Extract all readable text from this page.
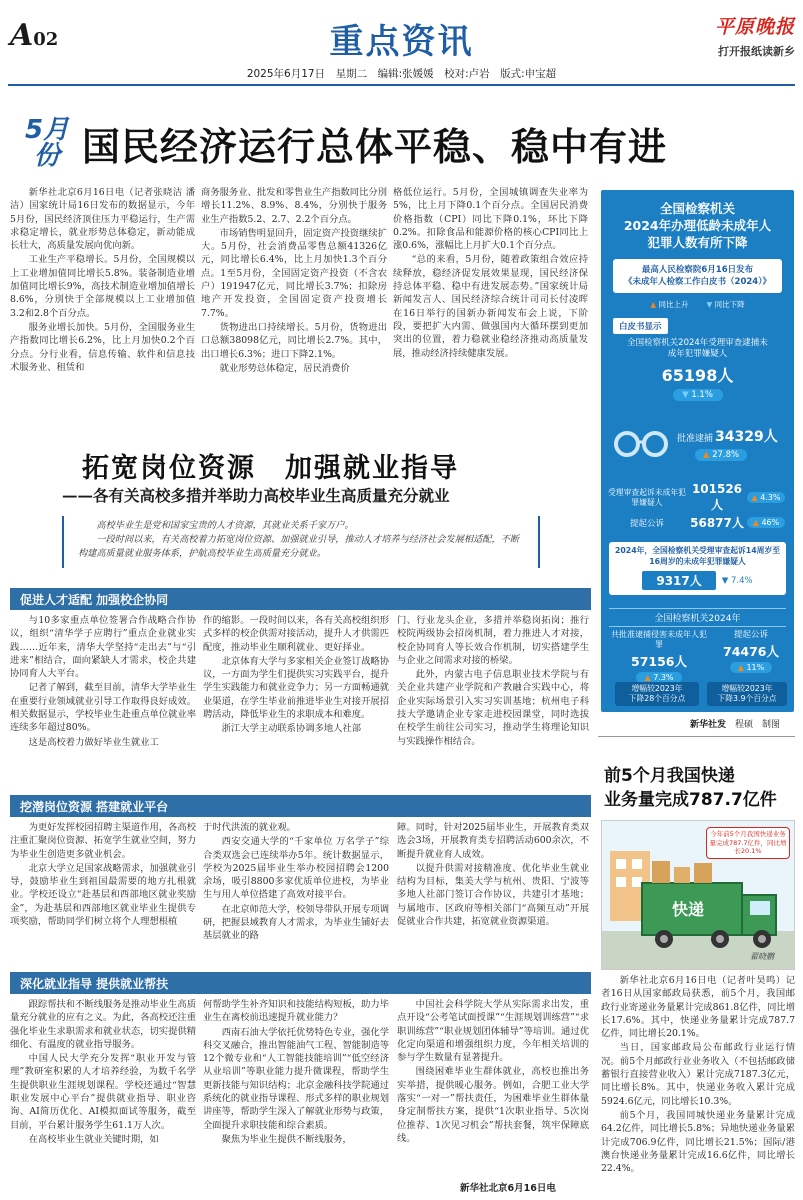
A02	重点资讯
2025年6月17日　星期二　编辑:张媛媛　校对:卢岩　版式:申宝超
平原晚报
打开报纸读新乡
5月份 国民经济运行总体平稳、稳中有进

新华社北京6月16日电（记者张晓洁 潘洁）国家统计局16日发布的数据显示，今年5月份，国民经济顶住压力平稳运行，生产需求稳定增长，就业形势总体稳定，新动能成长壮大，高质量发展向优向新。

工业生产平稳增长。5月份，全国规模以上工业增加值同比增长5.8%。装备制造业增加值同比增长9%，高技术制造业增加值增长8.6%，分別快于全部规模以上工业增加值3.2和2.8个百分点。

服务业增长加快。5月份，全国服务业生产指数同比增长6.2%，比上月加快0.2个百分点。分行业看，信息传输、软件和信息技术服务业、租赁和

商务服务业、批发和零售业生产指数同比分別增长11.2%、8.9%、8.4%，分別快于服务业生产指数5.2、2.7、2.2个百分点。

市场销售明显回升，固定资产投资继续扩大。5月份，社会消费品零售总额41326亿元，同比增长6.4%，比上月加快1.3个百分点。1至5月份，全国固定资产投资（不含农户）191947亿元，同比增长3.7%；扣除房地产开发投资，全国固定资产投资增长7.7%。

货物进出口持续增长。5月份，货物进出口总额38098亿元，同比增长2.7%。其中，出口增长6.3%；进口下降2.1%。

就业形势总体稳定，居民消费价

格低位运行。5月份，全国城镇调查失业率为5%，比上月下降0.1个百分点。全国居民消费价格指数（CPI）同比下降0.1%，环比下降0.2%。扣除食品和能源价格的核心CPI同比上涨0.6%，涨幅比上月扩大0.1个百分点。

“总的来看，5月份，随着政策组合效应持续释放，稳经济促发展效果显现，国民经济保持总体平稳、稳中有进发展态势。”国家统计局新闻发言人、国民经济综合统计司司长付凌晖在16日举行的国新办新闻发布会上说，下阶段，要把扩大内需、做强国内大循环摆到更加突出的位置，着力稳就业稳经济推动高质量发展，推动经济持续健康发展。

全国检察机关
2024年办理低龄未成年人
犯罪人数有所下降
最高人民检察院6月16日发布
《未成年人检察工作白皮书（2024）》
▲ 同比上升 ▼ 同比下降
白皮书显示
全国检察机关2024年受理审查逮捕未成年犯罪嫌疑人
65198人
▼ 1.1%
批准逮捕 34329人
▲ 27.8%
受理审查起诉未成年犯罪嫌疑人
101526人
▲ 4.3%
提起公诉	56877人	▲ 46%
2024年，全国检察机关受理审查起诉14周岁至16周岁的未成年犯罪嫌疑人
9317人	▼ 7.4%
全国检察机关2024年
共批准逮捕侵害未成年人犯罪
57156人
▲ 7.3%
提起公诉
74476人
▲ 11%
增幅较2023年
下降28个百分点
增幅较2023年
下降3.9个百分点
新华社发　 程硕　制图
拓宽岗位资源　加强就业指导
——各有关高校多措并举助力高校毕业生高质量充分就业
高校毕业生是党和国家宝贵的人才资源，其就业关系千家万户。
一段时间以来，有关高校着力拓宽岗位资源、加强就业引导，推动人才培养与经济社会发展相适配，不断构建高质量就业服务体系，护航高校毕业生高质量充分就业。
促进人才适配 加强校企协同

与10多家重点单位签署合作战略合作协议，组织“清华学子应聘行”重点企业就业实践……近年来，清华大学坚持“走出去”与“引进来”相结合，面向紧缺人才需求，校企共建协同育人大平台。

记者了解到，截至目前，清华大学毕业生在重要行业领域就业引导工作取得良好成效。相关数据显示，学校毕业生赴重点单位就业率连续多年超过80%。

这是高校着力做好毕业生就业工

作的缩影。一段时间以来，各有关高校组织形式多样的校企供需对接活动，提升人才供需匹配度，推动毕业生顺利就业、更好择业。

北京体育大学与多家相关企业签订战略协议，一方面为学生们提供实习实践平台，提升学生实践能力和就业竞争力；另一方面畅通就业渠道，在学生毕业前推进毕业生对接开展招聘活动，降低毕业生的求职成本和难度。

浙江大学主动联系协调多地人社部

门、行业龙头企业，多措并举稳岗拓岗；推行校院两级协会招岗机制，着力推进人才对接，校企协同育人等长效合作机制，切实搭建学生与企业之间需求对接的桥梁。

此外，内蒙古电子信息职业技术学院与有关企业共建产业学院和产教融合实践中心，将企业实际场景引入实习实训基地；杭州电子科技大学邀请企业专家走进校园课堂，同时选拔在校学生前往公司实习，推动学生将理论知识与实践操作相结合。

挖潜岗位资源 搭建就业平台

为更好发挥校园招聘主渠道作用，各高校注重汇聚岗位资源、拓宽学生就业空间，努力为毕业生创造更多就业机会。

北京大学立足国家战略需求，加强就业引导，鼓励毕业生到祖国最需要的地方扎根就业。学校还设立“赴基层和西部地区就业奖励金”，为赴基层和西部地区就业毕业生提供专项奖励，帮助同学们树立将个人理想根植

于时代洪流的就业观。

西安交通大学的“千家单位 万名学子”综合类双选会已连续举办5年。统计数据显示，学校为2025届毕业生举办校园招聘会1200余场，吸引8800多家优质单位进校，为毕业生与用人单位搭建了高效对接平台。

在北京师范大学，校领导带队开展专项调研，把握县域教育人才需求，为毕业生铺好去基层就业的路

障。同时，针对2025届毕业生，开展教育类双选会3场，开展教育类专招聘活动600余次，不断提升就业育人成效。

以提升供需对接精准度、优化毕业生就业结构为目标，集美大学与杭州、贵阳、宁波等多地人社部门签订合作协议，共建引才基地；与属地市、区政府等相关部门“高频互动”开展促就业合作共建，拓宽就业资源渠道。

深化就业指导 提供就业帮扶

跟踪帮扶和不断线服务是推动毕业生高质量充分就业的应有之义。为此，各高校还注重强化毕业生求职需求和就业状态，切实提供精细化、有温度的就业指导服务。

中国人民大学充分发挥“职业开发与管理”教研室积累的人才培养经验，为数千名学生提供职业生涯规划课程。学校还通过“智慧职业发展中心平台”提供就业指导、职业咨询、AI简历优化、AI模拟面试等服务，截至目前，平台累计服务学生61.1万人次。

在高校毕业生就业关键时期，如

何帮助学生补齐知识和技能结构短板，助力毕业生在离校前迅速提升就业能力？

西南石油大学依托优势特色专业，强化学科交叉融合，推出智能油气工程、智能制造等12个微专业和“人工智能技能培训”“低空经济从业培训”等职业能力提升微课程，帮助学生更新技能与知识结构；北京金融科技学院通过系统化的就业指导课程、形式多样的职业规划讲座等，帮助学生深入了解就业形势与政策，全面提升求职技能和综合素质。

聚焦为毕业生提供不断线服务，

中国社会科学院大学从实际需求出发，重点开设“公考笔试面授课”“生涯规划训练营”“求职训练营”“职业规划团体辅导”等培训。通过优化定向渠道和增强组织力度，今年相关培训的参与学生数量有显著提升。

围绕困难毕业生群体就业，高校也推出务实举措，提供暖心服务。例如，合肥工业大学落实“一对一”帮扶责任，为困难毕业生群体量身定制帮扶方案，提供“1次职业指导、5次岗位推荐、1次见习机会”帮扶套餐，筑牢保障底线。

新华社北京6月16日电
前5个月我国快递
业务量完成787.7亿件
快递
今年前5个月我国快递业务量完成787.7亿件，同比增长20.1%
翟晓鹏

新华社北京6月16日电（记者叶昊鸣）记者16日从国家邮政局获悉，前5个月，我国邮政行业寄递业务量累计完成861.8亿件，同比增长17.6%。其中，快递业务量累计完成787.7亿件，同比增长20.1%。

当日，国家邮政局公布邮政行业运行情况。前5个月邮政行业业务收入（不包括邮政储蓄银行直接营业收入）累计完成7187.3亿元，同比增长8%。其中，快递业务收入累计完成5924.6亿元，同比增长10.3%。

前5个月，我国同城快递业务量累计完成64.2亿件，同比增长5.8%；异地快递业务量累计完成706.9亿件，同比增长21.5%；国际/港澳台快递业务量累计完成16.6亿件，同比增长22.4%。
